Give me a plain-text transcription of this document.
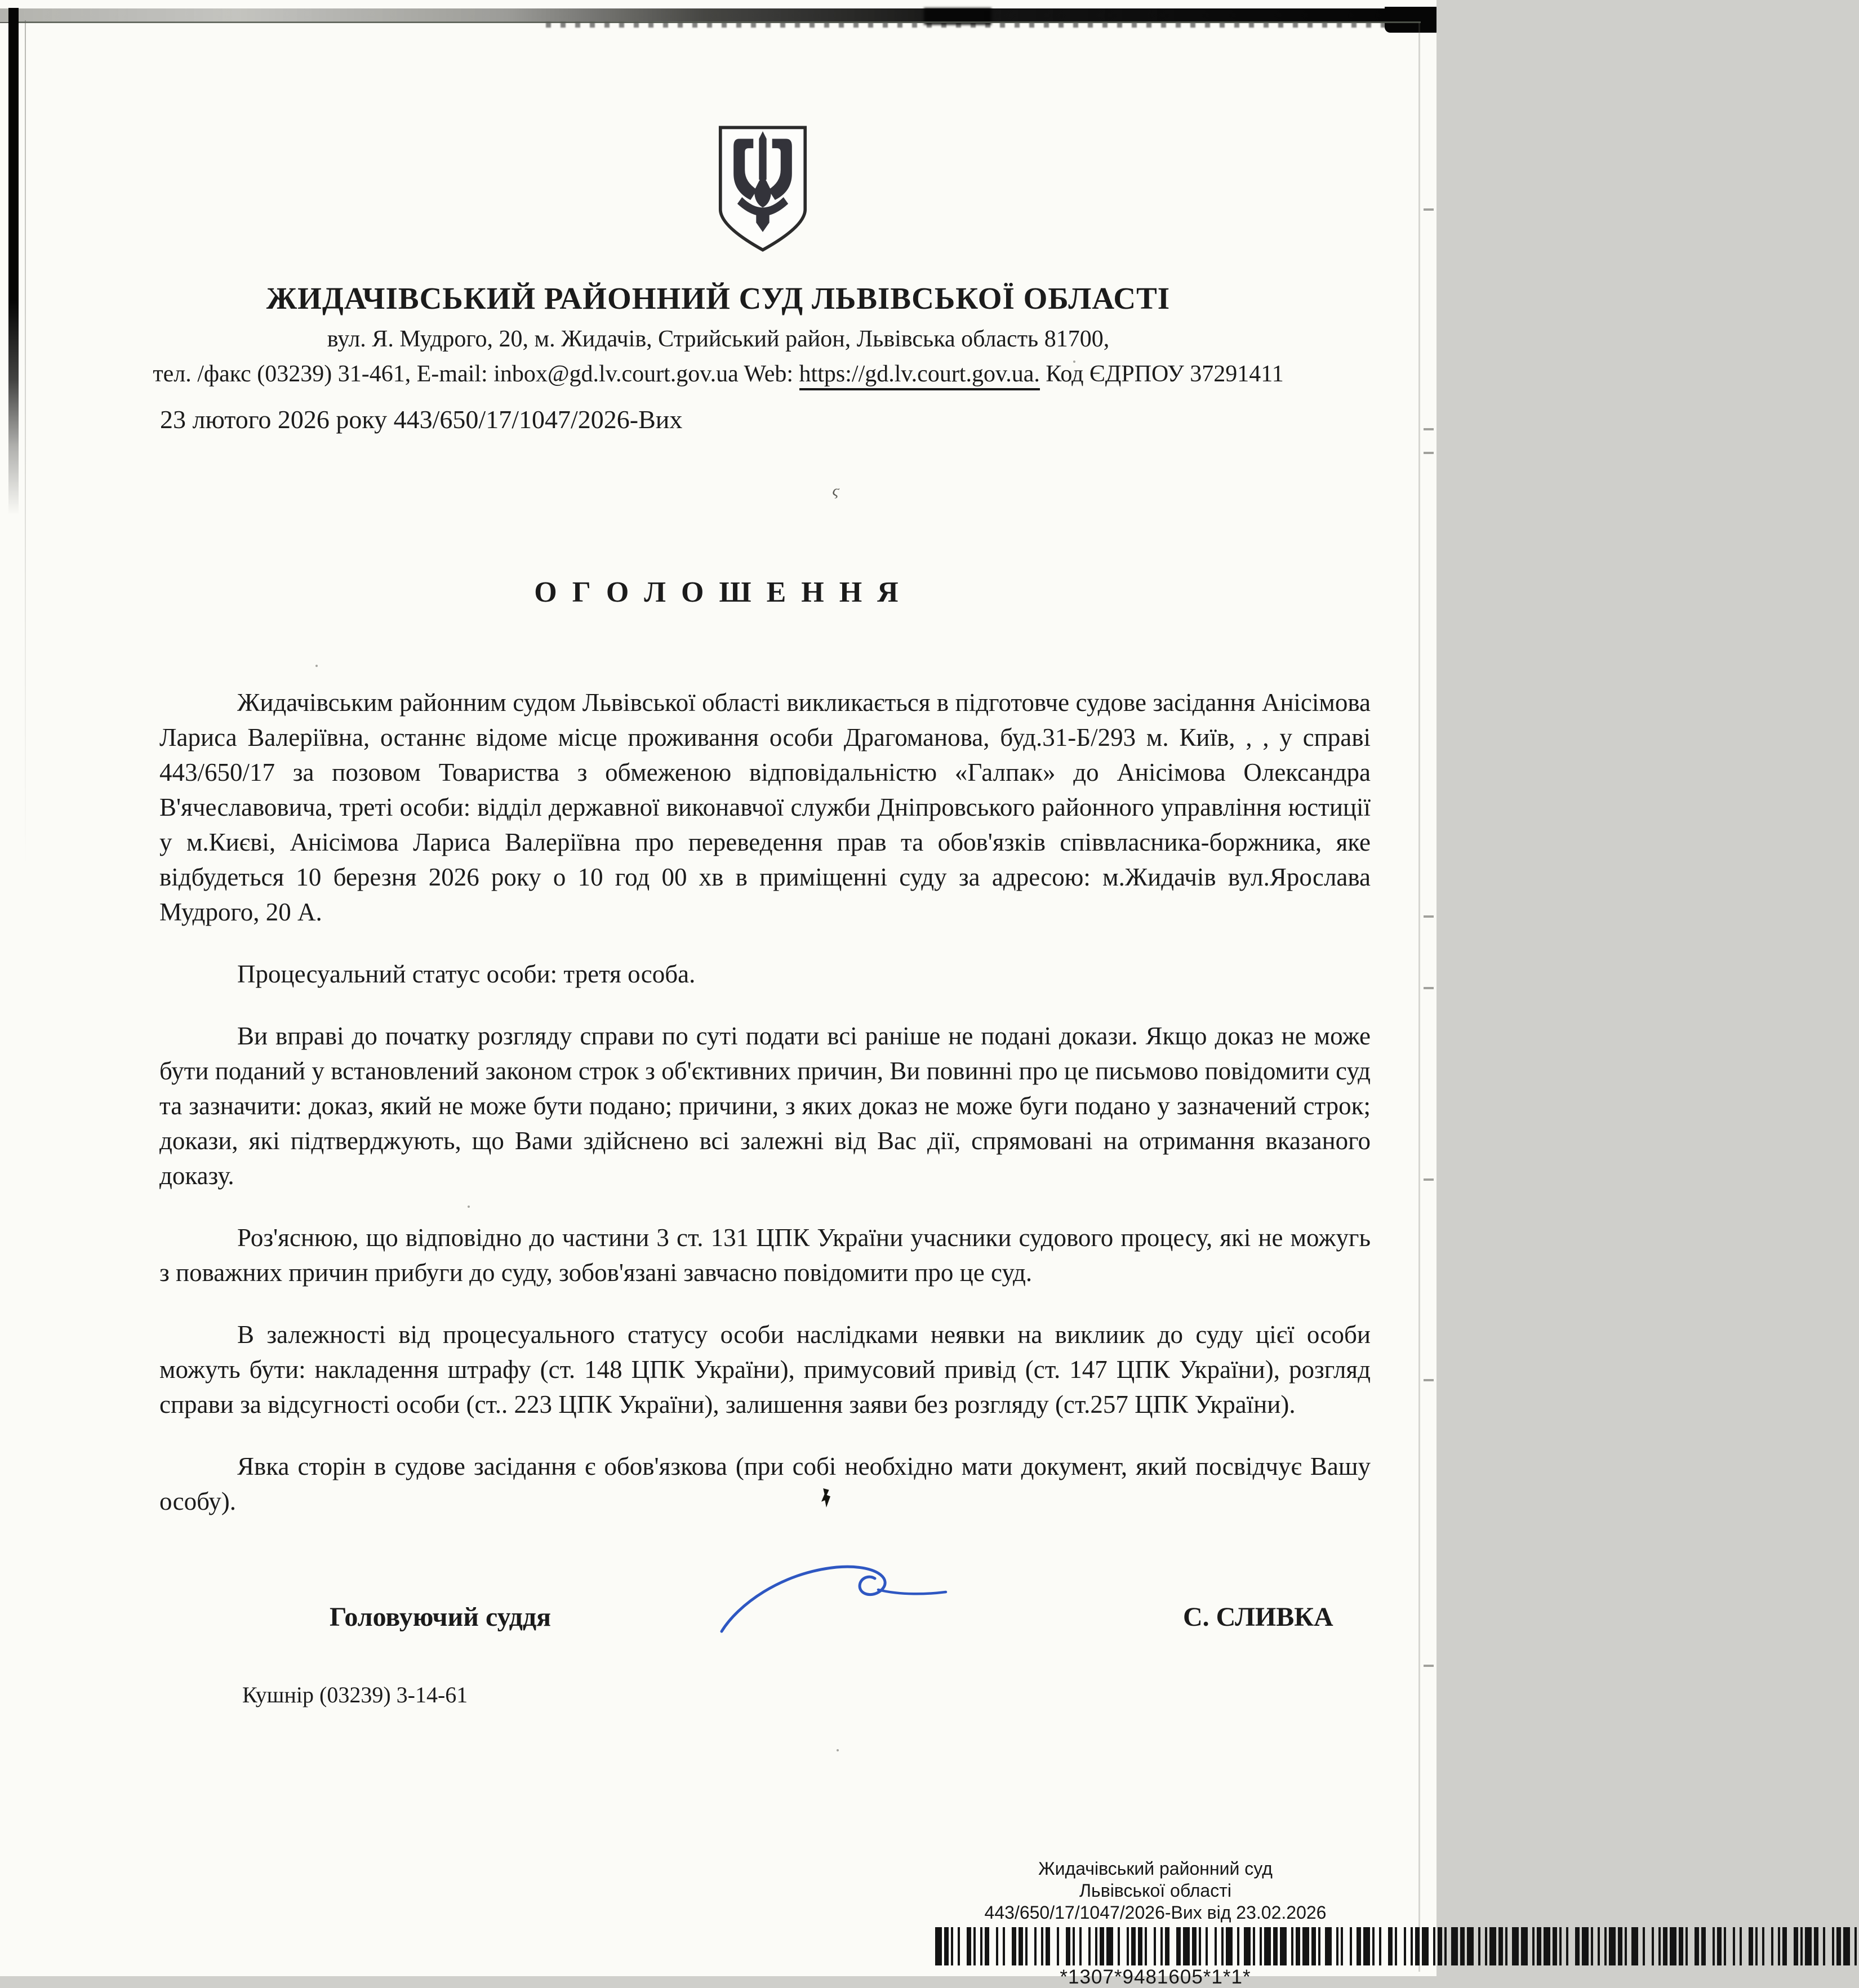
ϛ
ЖИДАЧІВСЬКИЙ РАЙОННИЙ СУД ЛЬВІВСЬКОЇ ОБЛАСТІ
вул. Я. Мудрого, 20, м. Жидачів, Стрийський район, Львівська область 81700,
тел. /факс (03239) 31-461, E-mail: inbox@gd.lv.court.gov.ua Web: https://gd.lv.court.gov.ua. Код ЄДРПОУ 37291411
23 лютого 2026 року 443/650/17/1047/2026-Вих
О Г О Л О Ш Е Н Н Я

Жидачівським районним судом Львівської області викликається в підготовче судове засідання Анісімова Лариса Валеріївна, останнє відоме місце проживання особи Драгоманова, буд.31-Б/293 м. Київ, , , у справі 443/650/17 за позовом Товариства з обмеженою відповідальністю «Галпак» до Анісімова Олександра В'ячеславовича, треті особи: відділ державної виконавчої служби Дніпровського районного управління юстиції у м.Києві, Анісімова Лариса Валеріївна про переведення прав та обов'язків співвласника-боржника, яке відбудеться 10 березня 2026 року о 10 год 00 хв в приміщенні суду за адресою: м.Жидачів вул.Ярослава Мудрого, 20 А.

Процесуальний статус особи: третя особа.

Ви вправі до початку розгляду справи по суті подати всі раніше не подані докази. Якщо доказ не може бути поданий у встановлений законом строк з об'єктивних причин, Ви повинні про це письмово повідомити суд та зазначити: доказ, який не може бути подано; причини, з яких доказ не може буги подано у зазначений строк; докази, які підтверджують, що Вами здійснено всі залежні від Вас дії, спрямовані на отримання вказаного доказу.

Роз'яснюю, що відповідно до частини 3 ст. 131 ЦПК України учасники судового процесу, які не можугь з поважних причин прибуги до суду, зобов'язані завчасно повідомити про це суд.

В залежності від процесуального статусу особи наслідками неявки на виклиик до суду цієї особи можуть бути: накладення штрафу (ст. 148 ЦПК України), примусовий привід (ст. 147 ЦПК України), розгляд справи за відсугності особи (ст.. 223 ЦПК України), залишення заяви без розгляду (ст.257 ЦПК України).

Явка сторін в судове засідання є обов'язкова (при собі необхідно мати документ, який посвідчує Вашу особу).

Головуючий суддя	С. СЛИВКА
Кушнір (03239) 3-14-61
Жидачівський районний суд
Львівської області
443/650/17/1047/2026-Вих від 23.02.2026
*1307*9481605*1*1*
